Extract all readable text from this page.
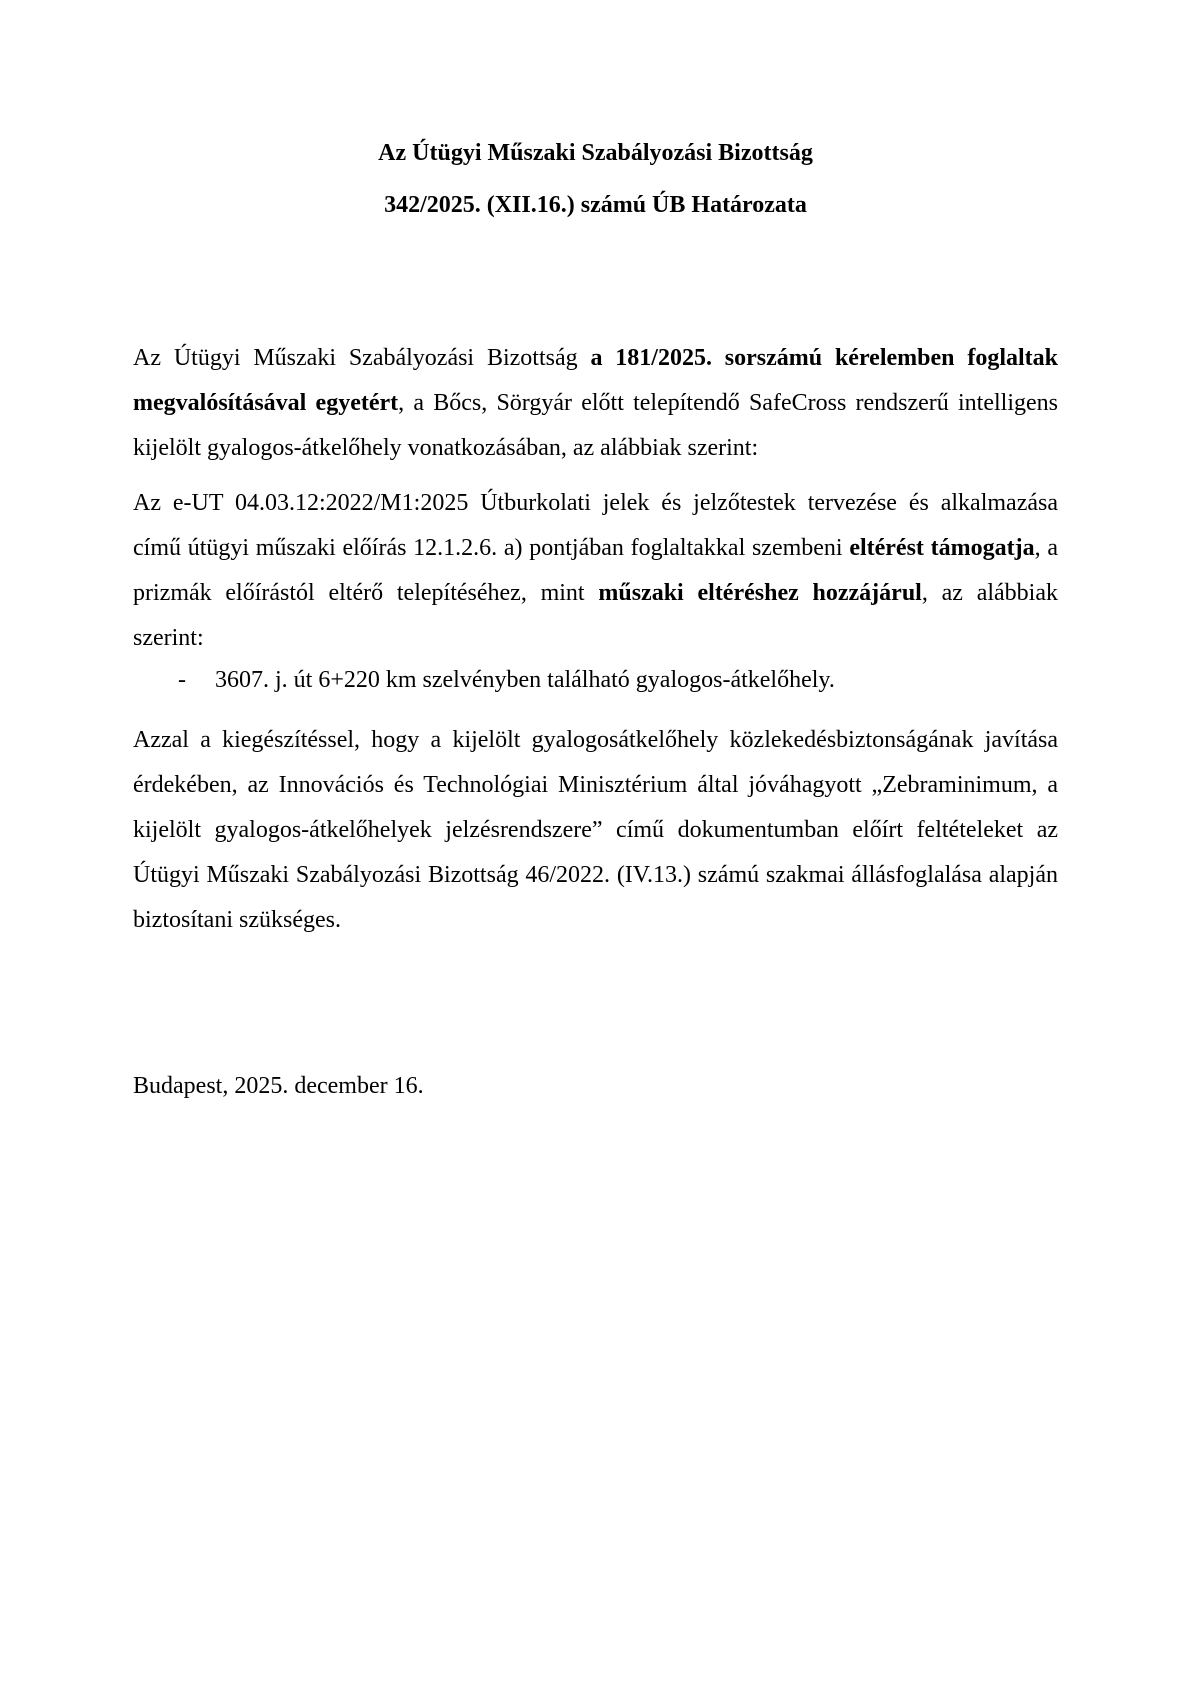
Az Útügyi Műszaki Szabályozási Bizottság
342/2025. (XII.16.) számú ÚB Határozata

Az Útügyi Műszaki Szabályozási Bizottság a 181/2025. sorszámú kérelemben foglaltak megvalósításával egyetért, a Bőcs, Sörgyár előtt telepítendő SafeCross rendszerű intelligens kijelölt gyalogos-átkelőhely vonatkozásában, az alábbiak szerint:

Az e-UT 04.03.12:2022/M1:2025 Útburkolati jelek és jelzőtestek tervezése és alkalmazása című útügyi műszaki előírás 12.1.2.6. a) pontjában foglaltakkal szembeni eltérést támogatja, a prizmák előírástól eltérő telepítéséhez, mint műszaki eltéréshez hozzájárul, az alábbiak szerint:

- 3607. j. út 6+220 km szelvényben található gyalogos-átkelőhely.

Azzal a kiegészítéssel, hogy a kijelölt gyalogosátkelőhely közlekedésbiztonságának javítása érdekében, az Innovációs és Technológiai Minisztérium által jóváhagyott „Zebraminimum, a kijelölt gyalogos-átkelőhelyek jelzésrendszere” című dokumentumban előírt feltételeket az Útügyi Műszaki Szabályozási Bizottság 46/2022. (IV.13.) számú szakmai állásfoglalása alapján biztosítani szükséges.

Budapest, 2025. december 16.
